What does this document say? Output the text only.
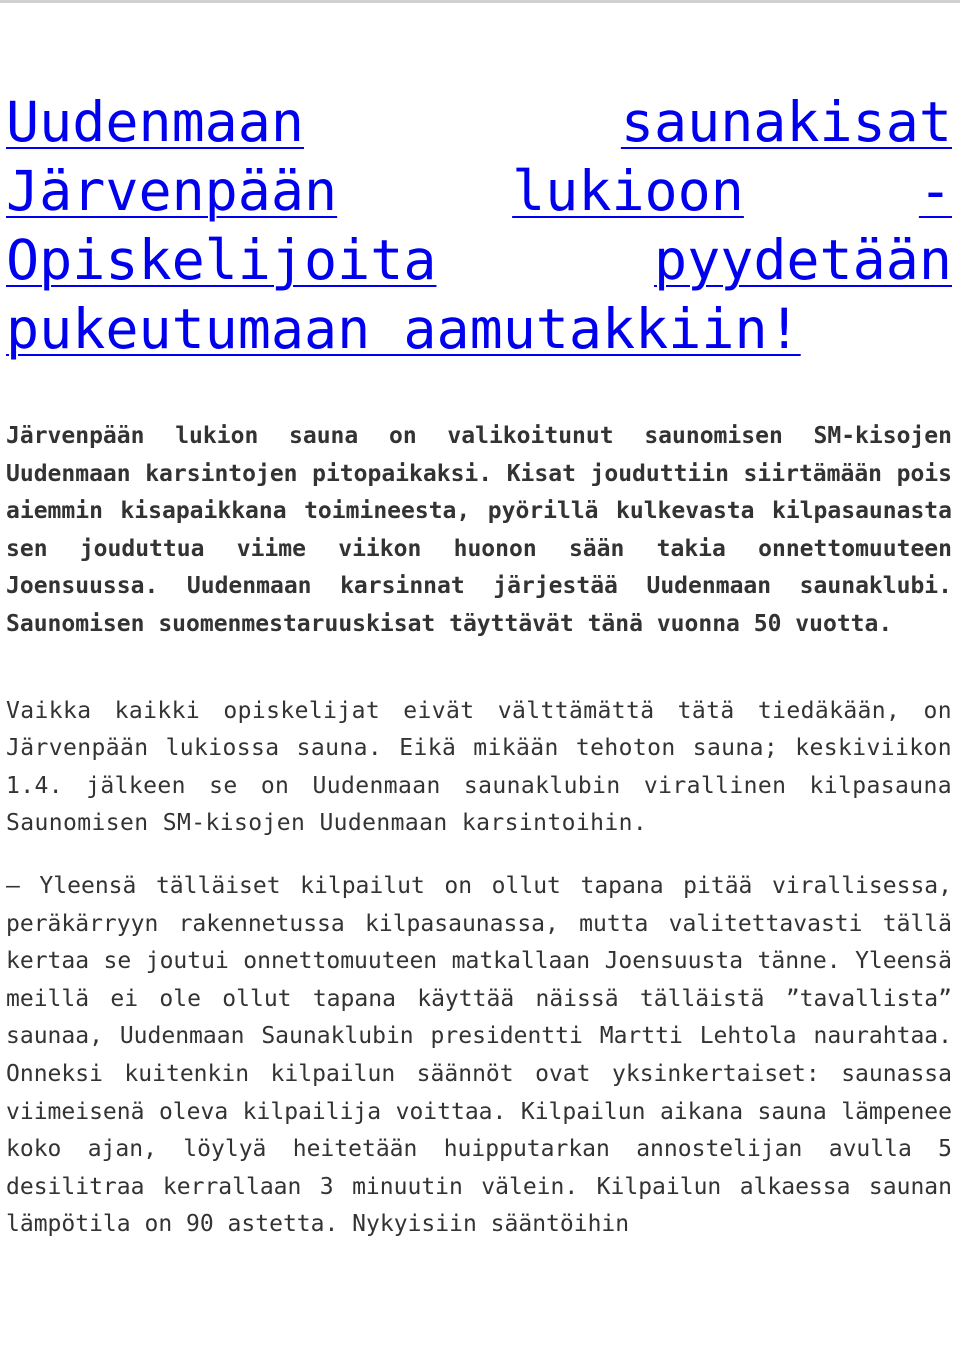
Uudenmaan	saunakisat
Järvenpään	lukioon	-
Opiskelijoita	pyydetään
pukeutumaan aamutakkiin!

Järvenpään lukion sauna on valikoitunut saunomisen SM-kisojen Uudenmaan karsintojen pitopaikaksi. Kisat jouduttiin siirtämään pois aiemmin kisapaikkana toimineesta, pyörillä kulkevasta kilpasaunasta sen jouduttua viime viikon huonon sään takia onnettomuuteen Joensuussa. Uudenmaan karsinnat järjestää Uudenmaan saunaklubi. Saunomisen suomenmestaruuskisat täyttävät tänä vuonna 50 vuotta.

Vaikka kaikki opiskelijat eivät välttämättä tätä tiedäkään, on Järvenpään lukiossa sauna. Eikä mikään tehoton sauna; keskiviikon 1.4. jälkeen se on Uudenmaan saunaklubin virallinen kilpasauna Saunomisen SM-kisojen Uudenmaan karsintoihin.

– Yleensä tälläiset kilpailut on ollut tapana pitää virallisessa, peräkärryyn rakennetussa kilpasaunassa, mutta valitettavasti tällä kertaa se joutui onnettomuuteen matkallaan Joensuusta tänne. Yleensä meillä ei ole ollut tapana käyttää näissä tälläistä ”tavallista” saunaa, Uudenmaan Saunaklubin presidentti Martti Lehtola naurahtaa. Onneksi kuitenkin kilpailun säännöt ovat yksinkertaiset: saunassa viimeisenä oleva kilpailija voittaa. Kilpailun aikana sauna lämpenee koko ajan, löylyä heitetään huipputarkan annostelijan avulla 5 desilitraa kerrallaan 3 minuutin välein. Kilpailun alkaessa saunan lämpötila on 90 astetta. Nykyisiin sääntöihin
